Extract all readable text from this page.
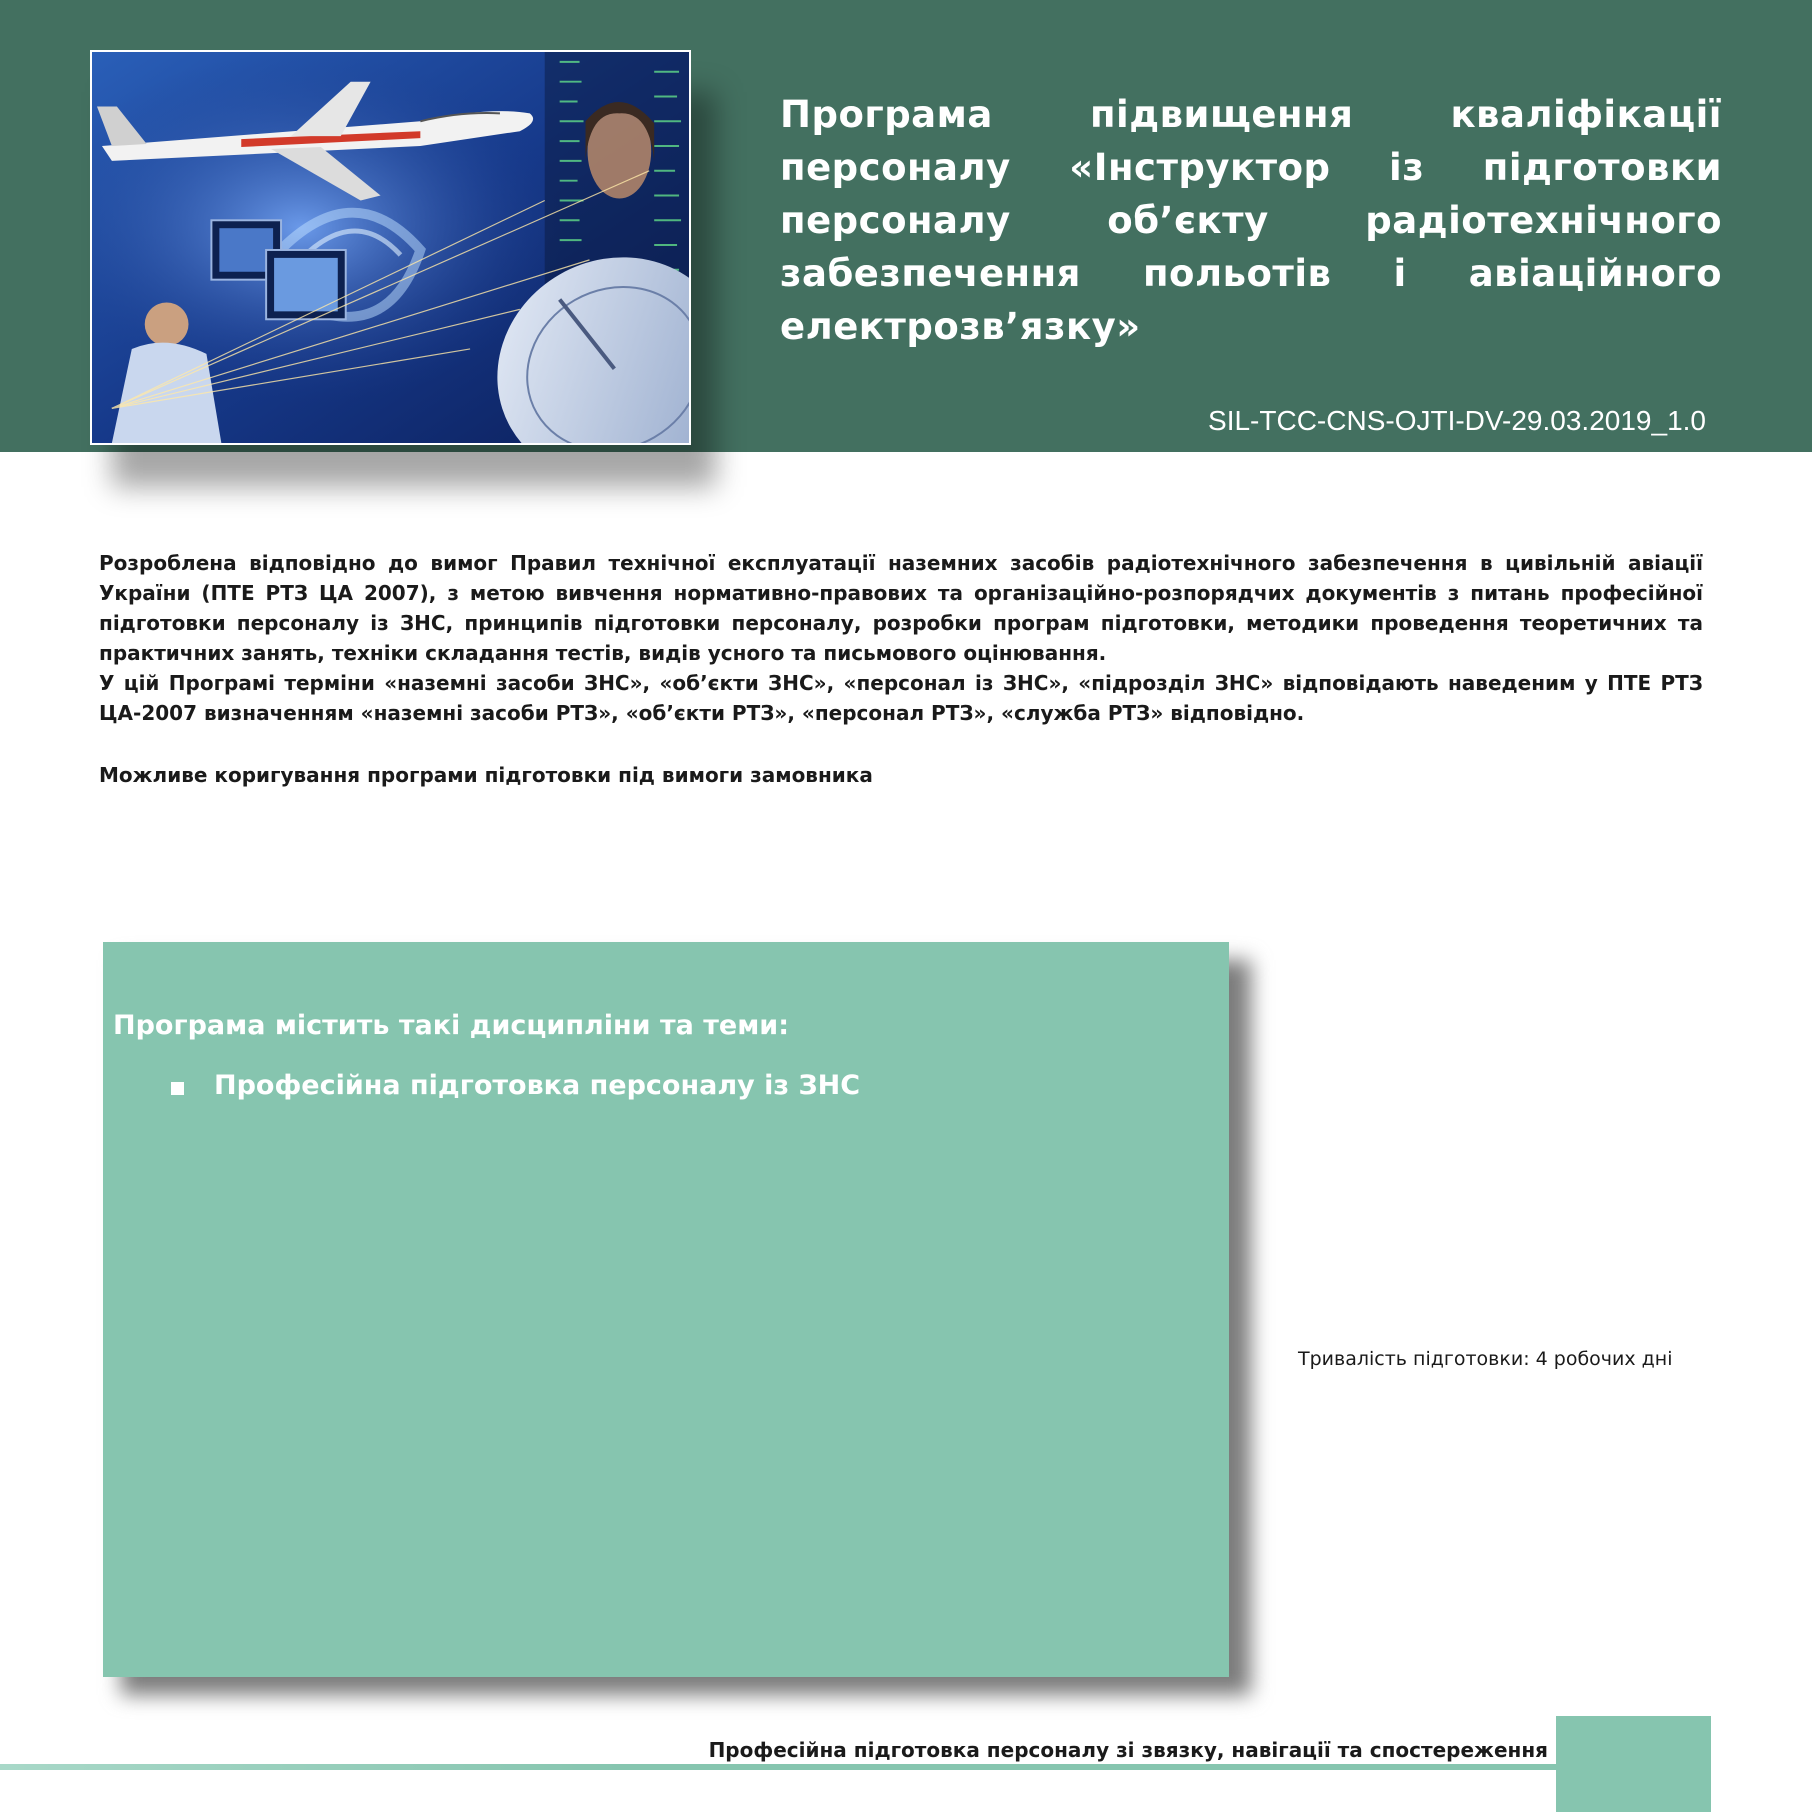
Програма підвищення кваліфікації персоналу «Інструктор із підготовки персоналу об’єкту радіотехнічного забезпечення польотів і авіаційного електрозв’язку»
SIL-TCC-CNS-OJTI-DV-29.03.2019_1.0

Розроблена відповідно до вимог Правил технічної експлуатації наземних засобів радіотехнічного забезпечення в цивільній авіації України (ПТЕ РТЗ ЦА 2007), з метою вивчення нормативно-правових та організаційно-розпорядчих документів з питань професійної підготовки персоналу із ЗНС, принципів підготовки персоналу, розробки програм підготовки, методики проведення теоретичних та практичних занять, техніки складання тестів, видів усного та письмового оцінювання.

У цій Програмі терміни «наземні засоби ЗНС», «об’єкти ЗНС», «персонал із ЗНС», «підрозділ ЗНС» відповідають наведеним у ПТЕ РТЗ ЦА-2007 визначенням «наземні засоби РТЗ», «об’єкти РТЗ», «персонал РТЗ», «служба РТЗ» відповідно.

Можливе коригування програми підготовки під вимоги замовника
Програма містить такі дисципліни та теми:
Професійна підготовка персоналу із ЗНС
Тривалість підготовки: 4 робочих дні
Професійна підготовка персоналу зі звязку, навігації та спостереження
